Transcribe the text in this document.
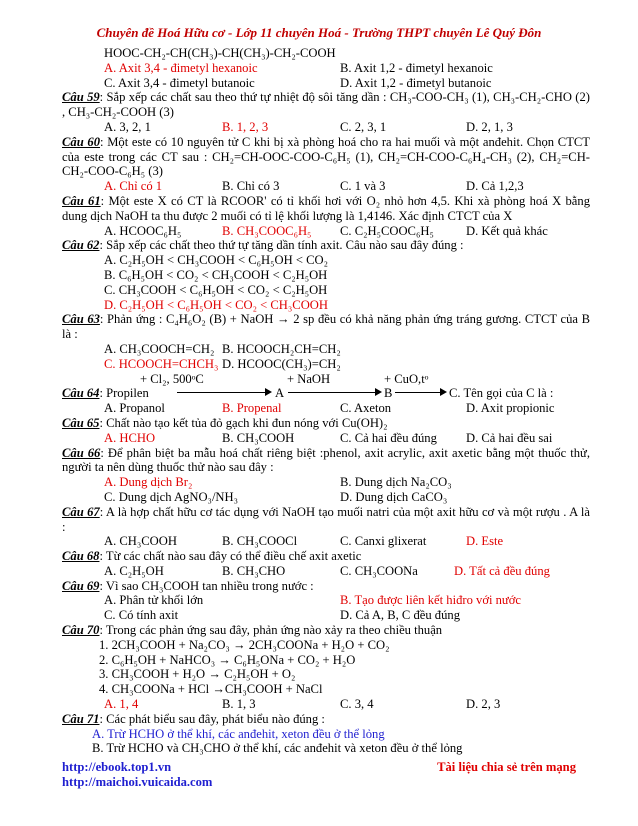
Chuyên đề Hoá Hữu cơ - Lớp 11 chuyên Hoá - Trường THPT chuyên Lê Quý Đôn
HOOC-CH₂-CH(CH₃)-CH(CH₃)-CH₂-COOH
A. Axit 3,4 - đimetyl hexanoic	B. Axit 1,2 - đimetyl hexanoic
C. Axit 3,4 - đimetyl butanoic	D. Axit 1,2 - đimetyl butanoic
Câu 59: Sắp xếp các chất sau theo thứ tự nhiệt độ sôi tăng dần : CH₃-COO-CH₃ (1), CH₃-CH₂-CHO (2) , CH₃-CH₂-COOH (3)
A. 3, 2, 1	B. 1, 2, 3	C. 2, 3, 1	D. 2, 1, 3
Câu 60: Một este có 10 nguyên tử C khi bị xà phòng hoá cho ra hai muối và một anđehit. Chọn CTCT của este trong các CT sau : CH₂=CH-OOC-COO-C₆H₅ (1), CH₂=CH-COO-C₆H₄-CH₃ (2), CH₂=CH-CH₂-COO-C₆H₅ (3)
A. Chỉ có 1	B. Chỉ có 3	C. 1 và 3	D. Cả 1,2,3
Câu 61: Một este X có CT là RCOOR' có tỉ khối hơi với O₂ nhỏ hơn 4,5. Khi xà phòng hoá X bằng dung dịch NaOH ta thu được 2 muối có tỉ lệ khối lượng là 1,4146. Xác định CTCT của X
A. HCOOC₆H₅	B. CH₃COOC₆H₅ C. C₂H₅COOC₆H₅	D. Kết quả khác
Câu 62: Sắp xếp các chất theo thứ tự tăng dần tính axit. Câu nào sau đây đúng :
A. C₂H₅OH < CH₃COOH < C₆H₅OH < CO₂
B. C₆H₅OH < CO₂ < CH₃COOH < C₂H₅OH
C. CH₃COOH < C₆H₅OH < CO₂ < C₂H₅OH
D. C₂H₅OH < C₆H₅OH < CO₂ < CH₃COOH
Câu 63: Phản ứng : C₄H₆O₂ (B) + NaOH → 2 sp đều có khả năng phản ứng tráng gương. CTCT của B là :
A. CH₃COOCH=CH₂ B. HCOOCH₂CH=CH₂
C. HCOOCH=CHCH₃ D. HCOOC(CH₃)=CH₂
+ Cl₂, 500ᵒC	+ NaOH	+ CuO,tᵒ
Câu 64: Propilen	A	B	C. Tên gọi của C là :
A. Propanol	B. Propenal	C. Axeton	D. Axit propionic
Câu 65: Chất nào tạo kết tủa đỏ gạch khi đun nóng với Cu(OH)₂
A. HCHO	B. CH₃COOH	C. Cả hai đều đúng D. Cả hai đều sai
Câu 66: Để phân biệt ba mẫu hoá chất riêng biệt :phenol, axit acrylic, axit axetic bằng một thuốc thử, người ta nên dùng thuốc thử nào sau đây :
A. Dung dịch Br₂	B. Dung dịch Na₂CO₃
C. Dung dịch AgNO₃/NH₃	D. Dung dịch CaCO₃
Câu 67: A là hợp chất hữu cơ tác dụng với NaOH tạo muối natri của một axit hữu cơ và một rượu . A là :
A. CH₃COOH	B. CH₃COOCl	C. Canxi glixerat	D. Este
Câu 68: Từ các chất nào sau đây có thể điều chế axit axetic
A. C₂H₅OH	B. CH₃CHO	C. CH₃COONa	D. Tất cả đều đúng
Câu 69: Vì sao CH₃COOH tan nhiều trong nước :
A. Phân tử khối lớn	B. Tạo được liên kết hiđro với nước
C. Có tính axit	D. Cả A, B, C đều đúng
Câu 70: Trong các phản ứng sau đây, phản ứng nào xảy ra theo chiều thuận
1. 2CH₃COOH + Na₂CO₃ → 2CH₃COONa + H₂O + CO₂
2. C₆H₅OH + NaHCO₃ → C₆H₅ONa + CO₂ + H₂O
3. CH₃COOH + H₂O → C₂H₅OH + O₂
4. CH₃COONa + HCl →CH₃COOH + NaCl
A. 1, 4	B. 1, 3	C. 3, 4	D. 2, 3
Câu 71: Các phát biểu sau đây, phát biểu nào đúng :
A. Trừ HCHO ở thể khí, các anđehit, xeton đều ở thể lỏng
B. Trừ HCHO và CH₃CHO ở thể khí, các anđehit và xeton đều ở thể lỏng
http://ebook.top1.vn
http://maichoi.vuicaida.com
Tài liệu chia sẻ trên mạng
